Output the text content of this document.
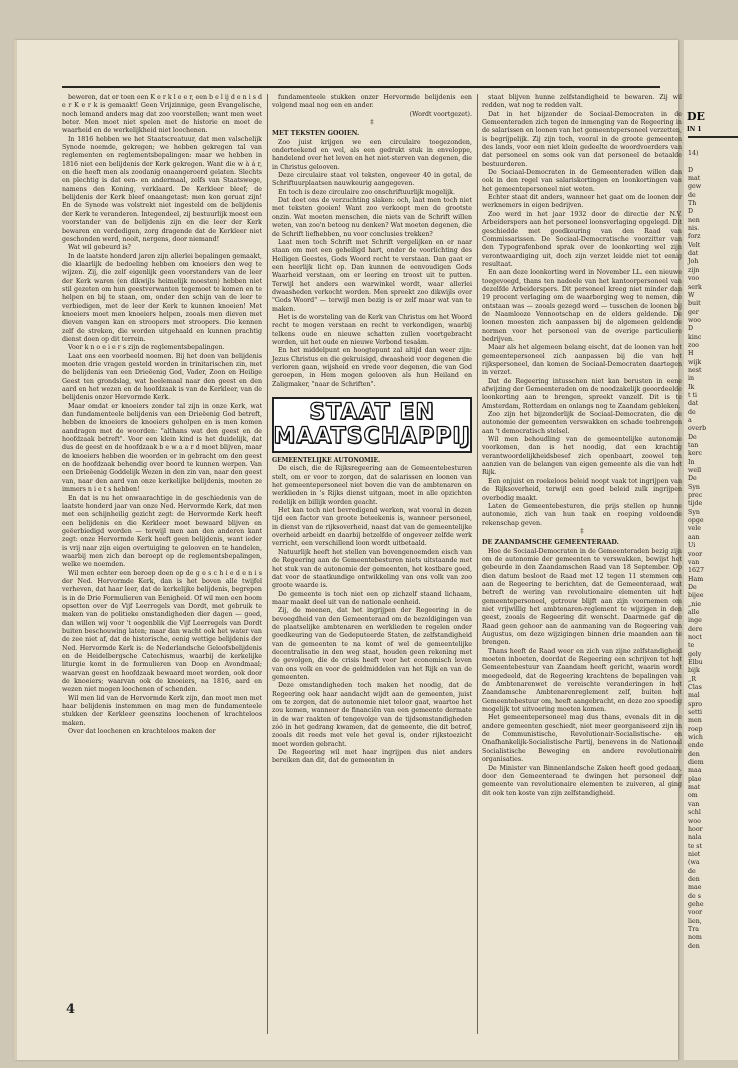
beweren, dat er toen een K e r k l e e r, een b e l ij d e n i s d e r K e r k is gemaakt! Geen Vrijzinnige, geen Evangelische, noch lemand anders mag dat zoo voorstellen; want men weet beter. Men moet niet spelen met de historie en moet de waarheid en de werkelijkheid niet loochenen.

In 1816 hebben we het Staatscreatuur, dat men valschelijk Synode noemde, gekregen; we hebben gekregen tal van reglementen en reglementsbepalingen: maar we hebben in 1816 niet een belijdenis der Kerk gekregen. Want die w à á r, en die heeft men als zoodanig onaangeroerd gelaten. Slechts en plechtig is dat een- en andermaal, zelfs van Staatswege, namens den Koning, verklaard. De Kerkleer bleef; de belijdenis der Kerk bleef onaangetast: men kon geruat zijn! En de Synode was volstrekt niet ingesteld om de belijdenis der Kerk te veranderen. Integendeel, zij bestuurlijk moest een voorstander van de belijdenis zijn en die leer der Kerk bewaren en verdedigen, zorg dragende dat de Kerkleer niet geschonden werd, nooit, nergens, door niemand!

Wat wil gebeurd is?

In de laatste honderd jaren zijn allerlei bepalingen gemaakt, die klaarlijk de bedoeling hebben om knoeiers den weg te wijzen. Zij, die zelf eigenlijk geen voorstanders van de leer der Kerk waren (en dikwijls heimelijk moesten) hebben niet stil gezeten om hun geestverwanten tegemoet te komen en te helpen en bij te staan, om, onder den schijn van de leer te verbiedigen, met de leer der Kerk te kunnen knoeien! Met knoeiers moet men knoeiers helpen, zooals men dieven met dieven vangen kan en stroopers met stroopers. Die kennen zelf de streken, die worden uitgehaald en kunnen prachtig dienst doen op dit terrein.

Voor k n o e i e r s zijn de reglementsbepalingen.

Laat ons een voorbeeld noemen. Bij het doen van belijdenis moeten drie vragen gesteld worden in trinitarischen zin, met de belijdenis van een Drieëenig God, Vader, Zoon en Heilige Geest ten grondslag, wat heelemaal naar den geest en den aard en het wezen en de hoofdzaak is van de Kerkleer, van de belijdenis onzer Hervormde Kerk.

Maar omdat er knoeiers zonder tal zijn in onze Kerk, wat dan fundamenteele belijdenis van een Drieëenig God betreft, hebben de knoeiers de knoeiers geholpen en is men komen aandragen met de woorden: "althans wat den geest en de hoofdzaak betreft". Voor een klein kind is het duidelijk, dat dus de geest en de hoofdzaak b e w a a r d moet blijven, maar de knoeiers hebben die woorden er in gebracht om den geest en de hoofdzaak behendig over boord te kunnen werpen. Van een Drieëenig Goddelijk Wezen in den zin van, naar den geest van, naar den aard van onze kerkelijke belijdenis, moeten ze immers n i e t s hebben!

En dat is nu het onwaarachtige in de geschiedenis van de laatste honderd jaar van onze Ned. Hervormde Kerk, dat men met een schijnheilig gezicht zegt: de Hervormde Kerk heeft een belijdenis en die Kerkleer moet bewaard blijven en geëerbiedigd worden — terwijl men aan den anderen kant zegt: onze Hervormde Kerk heeft geen belijdenis, want ieder is vrij naar zijn eigen overtuiging te gelooven en te handelen, waarbij men zich dan beroept op de reglementsbepalingen, welke we noemden.

Wil men echter een beroep doen op de g e s c h i e d e n i s der Ned. Hervormde Kerk, dan is het boven alle twijfel verheven, dat haar leer, dat de kerkelijke belijdenis, begrepen is in de Drie Formulieren van Eenigheid. Of wil men een boom opsetten over de Vijf Leerregels van Dordt, met gebruik te maken van de politieke omstandigheden dier dagen — goed, dan willen wij voor 't oogenblik die Vijf Leerregels van Dordt buiten beschouwing laten; maar dan wacht ook het water van de zee niet af, dat de historische, eenig wettige belijdenis der Ned. Hervormde Kerk is: de Nederlandsche Geloofsbelijdenis en de Heidelbergsche Catechismus, waarbij de kerkelijke liturgie komt in de formulieren van Doop en Avondmaal; waarvan geest en hoofdzaak bewaard moet worden, ook door de knoeiers; waarvan ook de knoeiers, na 1816, aard en wezen niet mogen loochenen of schenden.

Wil men lid van de Hervormde Kerk zijn, dan moet men met haar belijdenis instemmen en mag men de fundamenteele stukken der Kerkleer geenszins loochenen of krachteloos maken.

Over dat loochenen en krachteloos maken der

fundamenteele stukken onzer Hervormde belijdenis een volgend maal nog een en ander.

(Wordt voortgezet).

‡

MET TEKSTEN GOOIEN.

Zoo juist krijgen we een circulaire toegezonden, onderteekend en wel, als een gedrukt stuk in enveloppe, handelend over het leven en het niet-sterven van degenen, die in Christus gelooven.

Deze circulaire staat vol teksten, ongeveer 40 in getal, de Schriftuurplaatsen nauwkeurig aangegeven.

En toch is deze circulaire zoo onschriftuurlijk mogelijk.

Dat doet ons de verzuchting slaken: och, laat men toch niet met teksten gooien! Want zoo verkoopt men de grootste onzin. Wat moeten menschen, die niets van de Schrift willen weten, van zoo'n betoog nu denken? Wat moeten degenen, die de Schrift liefhebben, nu voor conclusies trekken?

Laat men toch Schrift met Schrift vergelijken en er naar staan om met een geheiligd hart, onder de voorlichting des Heiligen Geestes, Gods Woord recht te verstaan. Dan gaat er een heerlijk licht op. Dan kunnen de eenvoudigen Gods Waarheid verstaan, om er leering en troost uit te putten. Terwijl het anders een warwinkel wordt, waar allerlei dwaasheden verkocht worden. Men spreekt zoo dikwijls over "Gods Woord" — terwijl men bezig is er zelf maar wat van te maken.

Het is de worsteling van de Kerk van Christus om het Woord recht te mogen verstaan en recht te verkondigen, waarbij telkens oude en nieuwe schatten zullen voortgebracht worden, uit het oude en nieuwe Verbond tesaâm.

En het middelpunt en hoogtepunt zal altijd dan weer zijn: Jezus Christus en die gekruisigd, dwaasheid voor degenen die verloren gaan, wijsheid en vrede voor degenen, die van God geroepen, in Hem mogen gelooven als hun Heiland en Zaligmaker, "naar de Schriften".

STAAT EN
MAATSCHAPPIJ

GEMEENTELIJKE AUTONOMIE.

De eisch, die de Rijksregeering aan de Gemeentebesturen stelt, om er voor te zorgen, dat de salarissen en loonen van het gemeentepersoneel niet boven die van de ambtenaren en werklieden in 's Rijks dienst uitgaan, moet in alle opzichten redelijk en billijk worden geacht.

Het kan toch niet bevredigend werken, wat vooral in dezen tijd een factor van groote beteekenis is, wanneer personeel, in dienst van de rijksoverheid, naast dat van de gemeentelijke overheid arbeidt en daarbij betzelfde of ongeveer zelfde werk verricht, een verschillend loon wordt uitbetaald.

Natuurlijk heeft het stellen van bovengenoemden eisch van de Regeering aan de Gemeentebesturen niets uitstaande met het stuk van de autonomie der gemeenten, het kostbare goed, dat voor de staatkundige ontwikkeling van ons volk van zoo groote waarde is.

De gemeente is toch niet een op zichzelf staand lichaam, maar maakt deel uit van de nationale eenheid.

Zij, de meenen, dat het ingrijpen der Regeering in de bevoegdheid van den Gemeenteraad om de bezoldigingen van de plaatselijke ambtenaren en werklieden te regelen onder goedkeuring van de Gedeputeerde Staten, de zelfstandigheid van de gemeenten te na komt of wel de gemeentelijke decentralisatie in den weg staat, houden geen rekening met de gevolgen, die de crisis heeft voor het economisch leven van ons volk en voor de geldmiddelen van het Rijk en van de gemeenten.

Deze omstandigheden toch maken het noodig, dat de Regeering ook haar aandacht wijdt aan de gemeenten, juist om te zorgen, dat de autonomie niet teloor gaat, waartoe het zou komen, wanneer de financiën van een gemeente dermate in de war raakten of tengevolge van de tijdsomstandigheden zóó in het gedrang kwamen, dat de gemeente, die dit betrof, zooals dit reeds met vele het geval is, onder rijkstoezicht moet worden gebracht.

De Regeering wil met haar ingrijpen dus niet anders bereiken dan dit, dat de gemeenten in

staat blijven hunne zelfstandigheid te bewaren. Zij wil redden, wat nog te redden valt.

Dat in het bijzonder de Sociaal-Democraten in de Gemeenteraden zich tegen de inmenging van de Regeering in de salarissen en loonen van het gemeentepersoneel verzetten, is begrijpelijk. Zij zijn toch, vooral in de groote gemeenten des lands, voor een niet klein gedeelte de woordvoerders van dat personeel en soms ook van dat personeel de betaalde bestuurderen.

De Sociaal-Democraten in de Gemeenteraden willen dan ook in den regel van salariskortingen en loonkortingen van het gemeentepersoneel niet weten.

Echter staat dit anders, wanneer het gaat om de loonen der werknemers in eigen bedrijven.

Zoo werd in het jaar 1932 door de directie der N.V. Arbeiderspers aan het personeel loonsverlaging opgelegd. Dit geschiedde met goedkeuring van den Raad van Commissarissen. De Sociaal-Democratische voorzitter van den Typografenbond sprak over de loonkorting wel zijn verontwaardiging uit, doch zijn verzet leidde niet tot eenig resultaat.

En aan deze loonkorting werd in November LL. een nieuwe toegevoegd, thans ten nadeele van het kantoorpersoneel van dezelfde Arbeiderspers. Dit personeel kreeg niet minder dan 19 procent verlaging om de waarborging weg te nemen, die ontstaan was — zooals gezegd werd — tusschen de loonen bij de Naamlooze Vennootschap en de elders geldende. De loonen moesten zich aanpassen bij de algemeen geldende normen voor het personeel van de overige particuliere bedrijven.

Maar als het algemeen belang eischt, dat de loonen van het gemeentepersoneel zich aanpassen bij die van het rijkspersoneel, dan komen de Sociaal-Democraten daartegen in verzet.

Dat de Regeering intusschen niet kan berusten in eene afwijzing der Gemeenteraden om de noodzakelijk geoordeelde loonkorting aan te brengen, spreekt vanzelf. Dit is te Amsterdam, Rotterdam en onlangs nog te Zaandam gebleken.

Zoo zijn het bijzonderlijk de Sociaal-Democraten, die de autonomie der gemeenten verswakken en schade toebrengen aan 't democratisch stelsel.

Wil men behoudling van de gemeentelijke autonomie voorkomen, dan is het noodig, dat een krachtig verantwoordelijkheidsbesef zich openbaart, zoowel ten aanzien van de belangen van eigen gemeente als die van het Rijk.

Een onjuist en roekeloos beleid noopt vaak tot ingrijpen van de Rijksoverheid, terwijl een goed beleid zulk ingrijpen overbodig maakt.

Laten de Gemeentebesturen, die prijs stellen op hunne autonomie, zich van hun taak en roeping voldoende rekenschap geven.

‡

DE ZAANDAMSCHE GEMEENTERAAD.

Hoe de Sociaal-Democraten in de Gemeenteraden bezig zijn om de autonomie der gemeenten te verswakken, bewijst het gebeurde in den Zaandamschen Raad van 18 September. Op dien datum besloot de Raad met 12 tegen 11 stemmen om aan de Regeering te berichten, dat de Gemeenteraad, wat betreft de wering van revolutionaire elementen uit het gemeentepersoneel, getrouw blijft aan zijn voornemen om niet vrijwillig het ambtenaren-reglement te wijzigen in den geest, zooals de Regeering dit wenscht. Daarmede gaf de Raad geen gehoor aan de aanmaning van de Regeering van Augustus, om deze wijzigingen binnen drie maanden aan te brengen.

Thans heeft de Raad weer en zich van zijne zelfstandigheid moeten inboeten, doordat de Regeering een schrijven tot het Gemeentebestuur van Zaandam heeft gericht, waarin wordt meegedeeld, dat de Regeering krachtens de bepalingen van de Ambtenarenwet de vereischte veranderingen in het Zaandamsche Ambtenarenreglement zelf, buiten het Gemeentebestuur om, heeft aangebracht, en deze zoo spoedig mogelijk tot uitvoering moeten komen.

Het gemeentepersoneel mag dus thans, evenals dit in de andere gemeenten geschiedt, niet meer georganiseerd zijn in de Communistische, Revolutionair-Socialistische- en Onafhankelijk-Socialistische Partij, benevens in de Nationaal Socialistische Beweging en andere revolutionaire organisaties.

De Minister van Binnenlandsche Zaken heeft goed gedaan, door den Gemeenteraad te dwingen het personeel der gemeente van revolutionaire elementen te zuiveren, al ging dit ook ten koste van zijn zelfstandigheid.

4
DE
IN 1
14)

D
mat
gew
de
Th
D
nen
nis.
forz
Velt
dat
Joh
zijn
voo
serk
W
buit
ger
woo
D
kinc
zoo
H
wijk
nest
in
Ik
t ti
dat
de
a
overb
De
tan
kerc
In
well
De
Syn
prec
tijde
Syn
opge
vele
aan
Ui
voor
van
1627
Ham
De
bijee
„nie
alle
inge
dere
noct
te
gely
Elbu
bijk
„R
Clas
mal
spro
setti
men
roep
wich
ende
den
diem
maa
plae
mat
om
van
schl
woo
hoor
nala
te st
niet
(wa
de
den
mae
de s
gehe
voor
lien,
Tra
nom
den
